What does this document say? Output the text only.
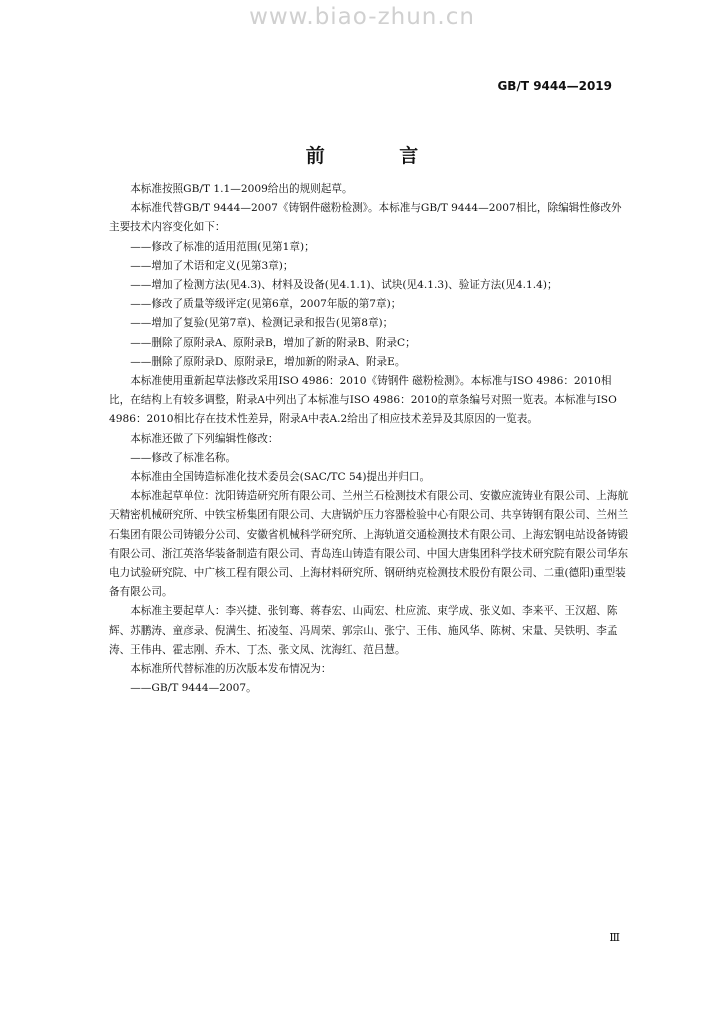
www.biao-zhun.cn
GB/T 9444—2019
前 言

本标准按照GB/T 1.1—2009给出的规则起草。

本标准代替GB/T 9444—2007《铸钢件磁粉检测》。本标准与GB/T 9444—2007相比，除编辑性修改外主要技术内容变化如下：

——修改了标准的适用范围(见第1章)；

——增加了术语和定义(见第3章)；

——增加了检测方法(见4.3)、材料及设备(见4.1.1)、试块(见4.1.3)、验证方法(见4.1.4)；

——修改了质量等级评定(见第6章，2007年版的第7章)；

——增加了复验(见第7章)、检测记录和报告(见第8章)；

——删除了原附录A、原附录B，增加了新的附录B、附录C；

——删除了原附录D、原附录E，增加新的附录A、附录E。

本标准使用重新起草法修改采用ISO 4986：2010《铸钢件 磁粉检测》。本标准与ISO 4986：2010相比，在结构上有较多调整，附录A中列出了本标准与ISO 4986：2010的章条编号对照一览表。本标准与ISO 4986：2010相比存在技术性差异，附录A中表A.2给出了相应技术差异及其原因的一览表。

本标准还做了下列编辑性修改：

——修改了标准名称。

本标准由全国铸造标准化技术委员会(SAC/TC 54)提出并归口。

本标准起草单位：沈阳铸造研究所有限公司、兰州兰石检测技术有限公司、安徽应流铸业有限公司、上海航天精密机械研究所、中铁宝桥集团有限公司、大唐锅炉压力容器检验中心有限公司、共享铸钢有限公司、兰州兰石集团有限公司铸锻分公司、安徽省机械科学研究所、上海轨道交通检测技术有限公司、上海宏钢电站设备铸锻有限公司、浙江英洛华装备制造有限公司、青岛连山铸造有限公司、中国大唐集团科学技术研究院有限公司华东电力试验研究院、中广核工程有限公司、上海材料研究所、钢研纳克检测技术股份有限公司、二重(德阳)重型装备有限公司。

本标准主要起草人：李兴捷、张钊骞、蒋春宏、山両宏、杜应流、束学成、张义如、李来平、王汉超、陈辉、苏鹏涛、童彦录、倪满生、拓凌玺、冯周荣、郭宗山、张宁、王伟、施风华、陈树、宋量、吴铁明、李孟涛、王伟冉、霍志刚、乔木、丁杰、张文凤、沈海红、范吕慧。

本标准所代替标准的历次版本发布情况为：

——GB/T 9444—2007。

Ⅲ
